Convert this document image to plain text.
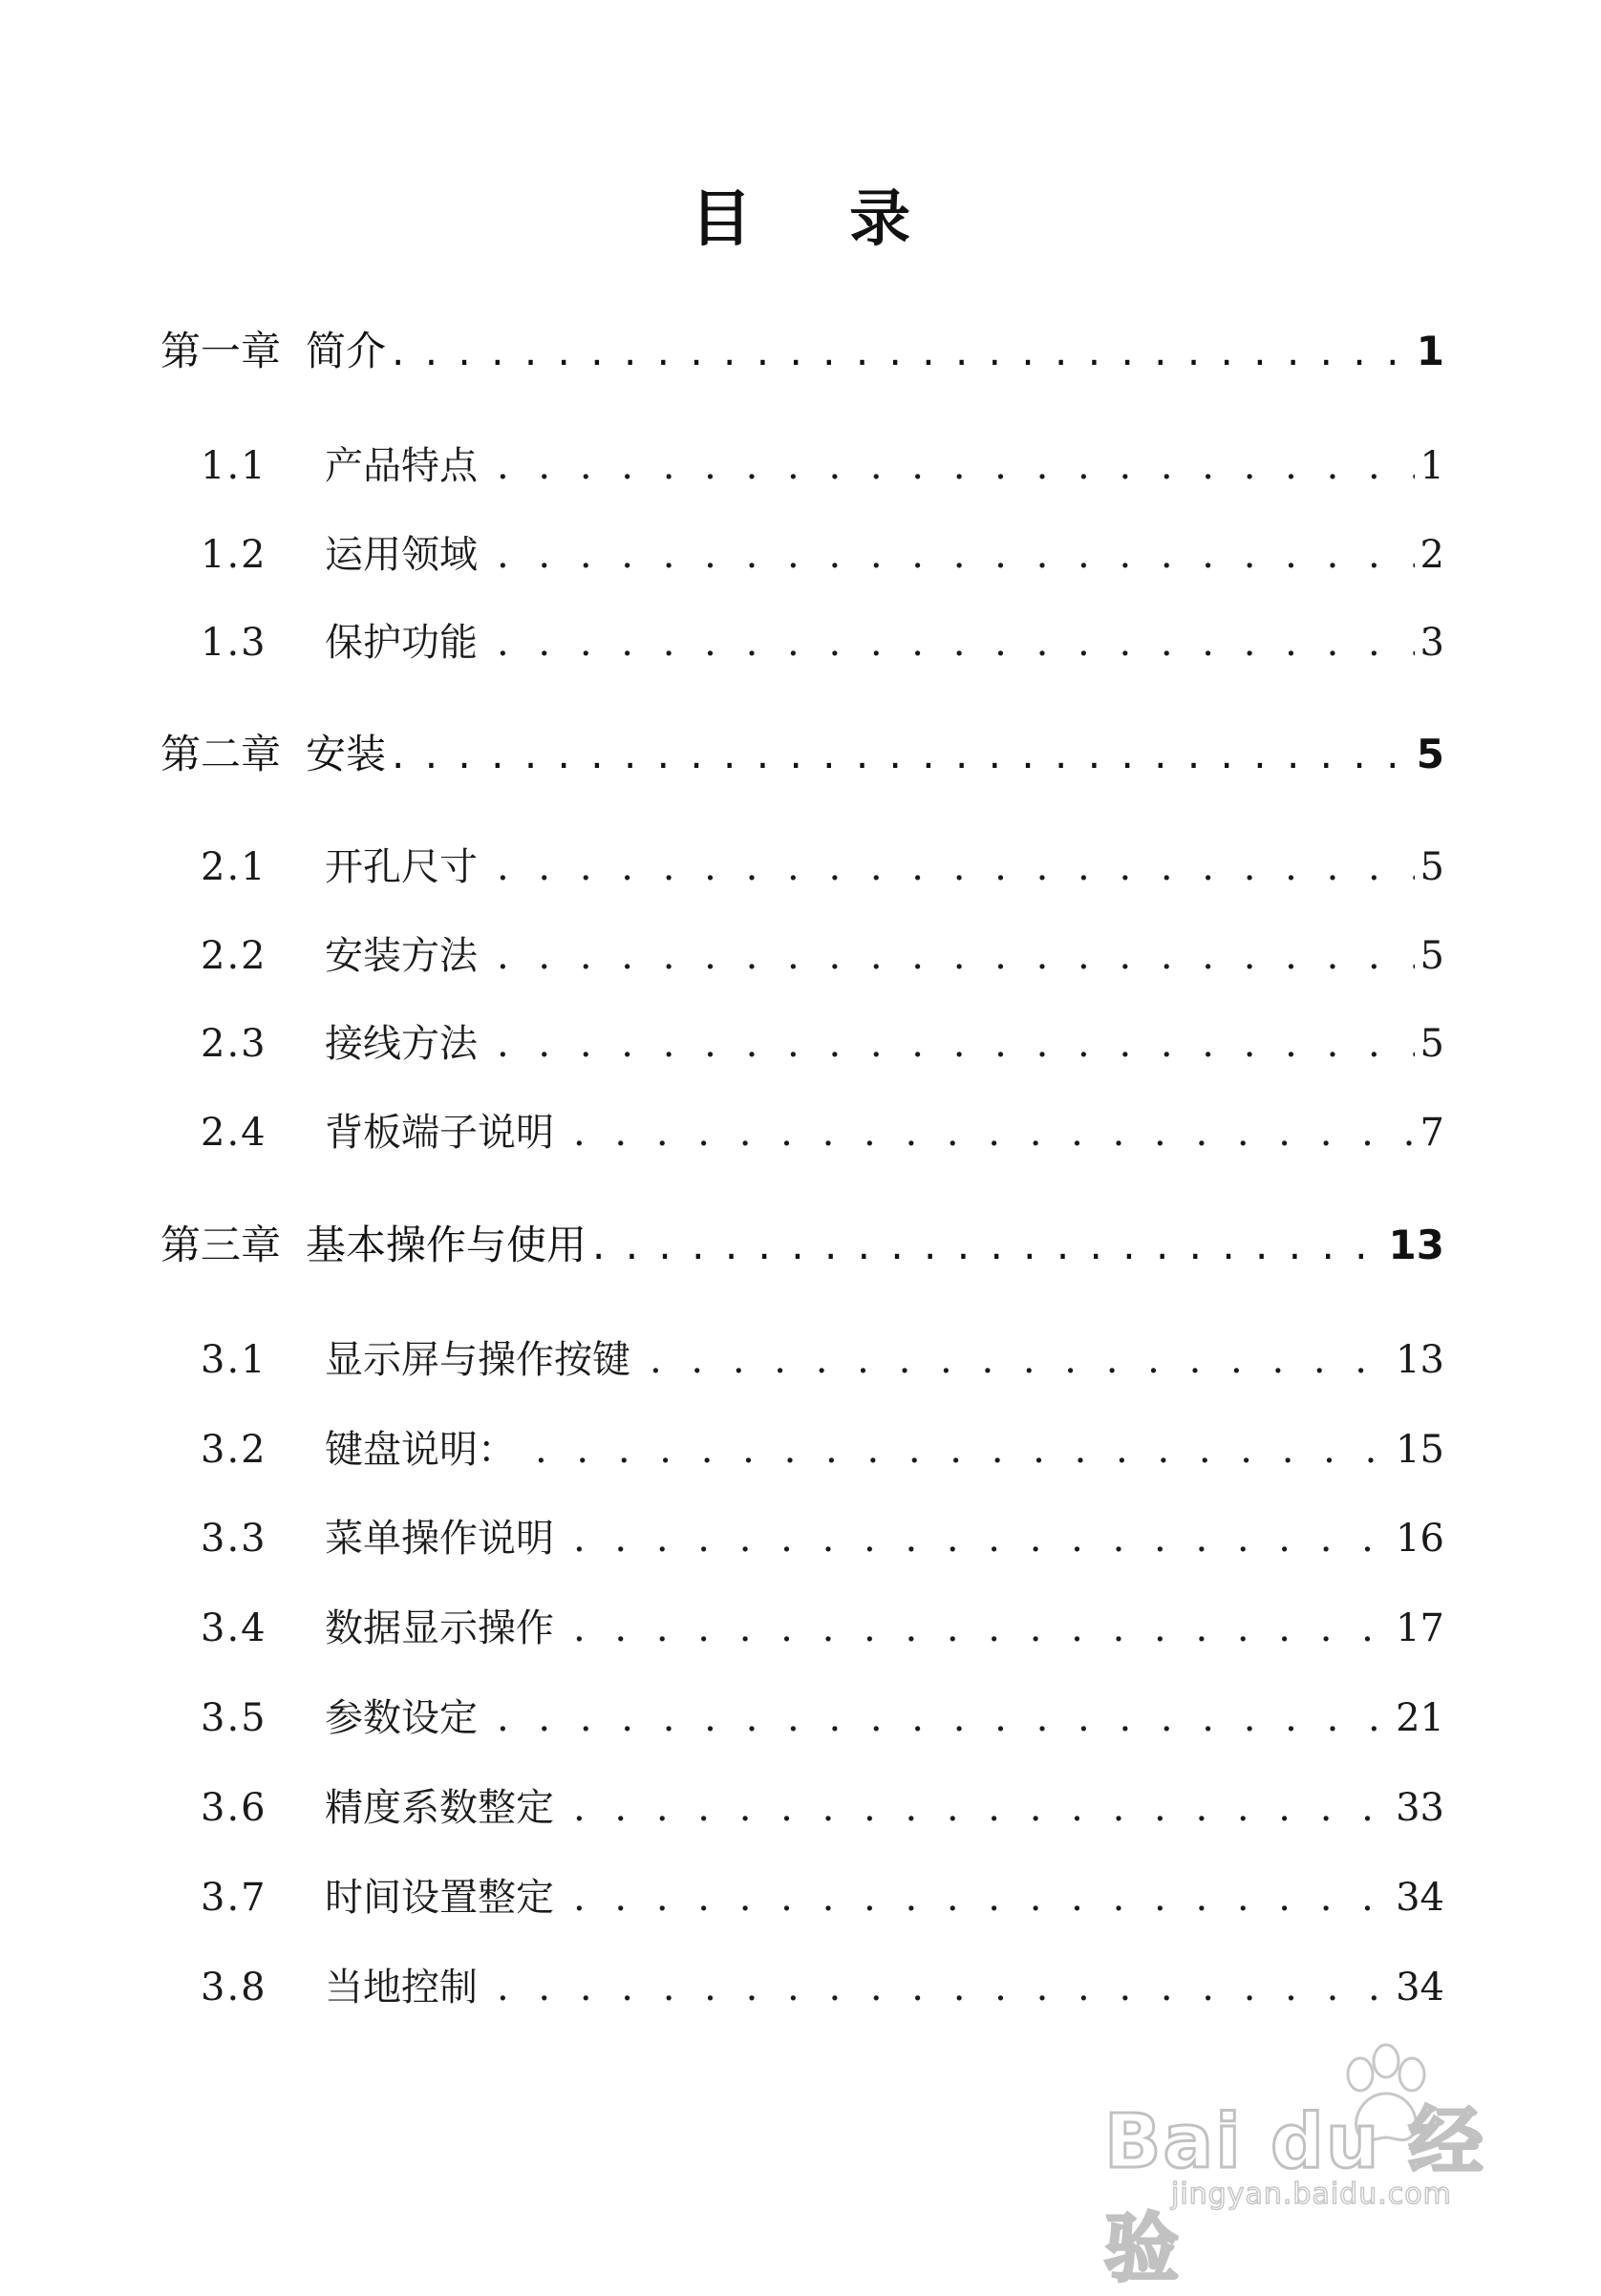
目 录
第一章 简介 . . .	1
1.1	产品特点 . . .	1
1.2	运用领域 . . .	2
1.3	保护功能 . . .	3
第二章 安装 . . .	5
2.1	开孔尺寸 . . .	5
2.2	安装方法 . . .	5
2.3	接线方法 . . .	5
2.4	背板端子说明 . . .	7
第三章 基本操作与使用 . . .	13
3.1	显示屏与操作按键 . . .	13
3.2	键盘说明： . . .	15
3.3	菜单操作说明 . . .	16
3.4	数据显示操作 . . .	17
3.5	参数设定 . . .	21
3.6	精度系数整定 . . .	33
3.7	时间设置整定 . . .	34
3.8	当地控制 . . .	34
Bai du 经验
jingyan.baidu.com
